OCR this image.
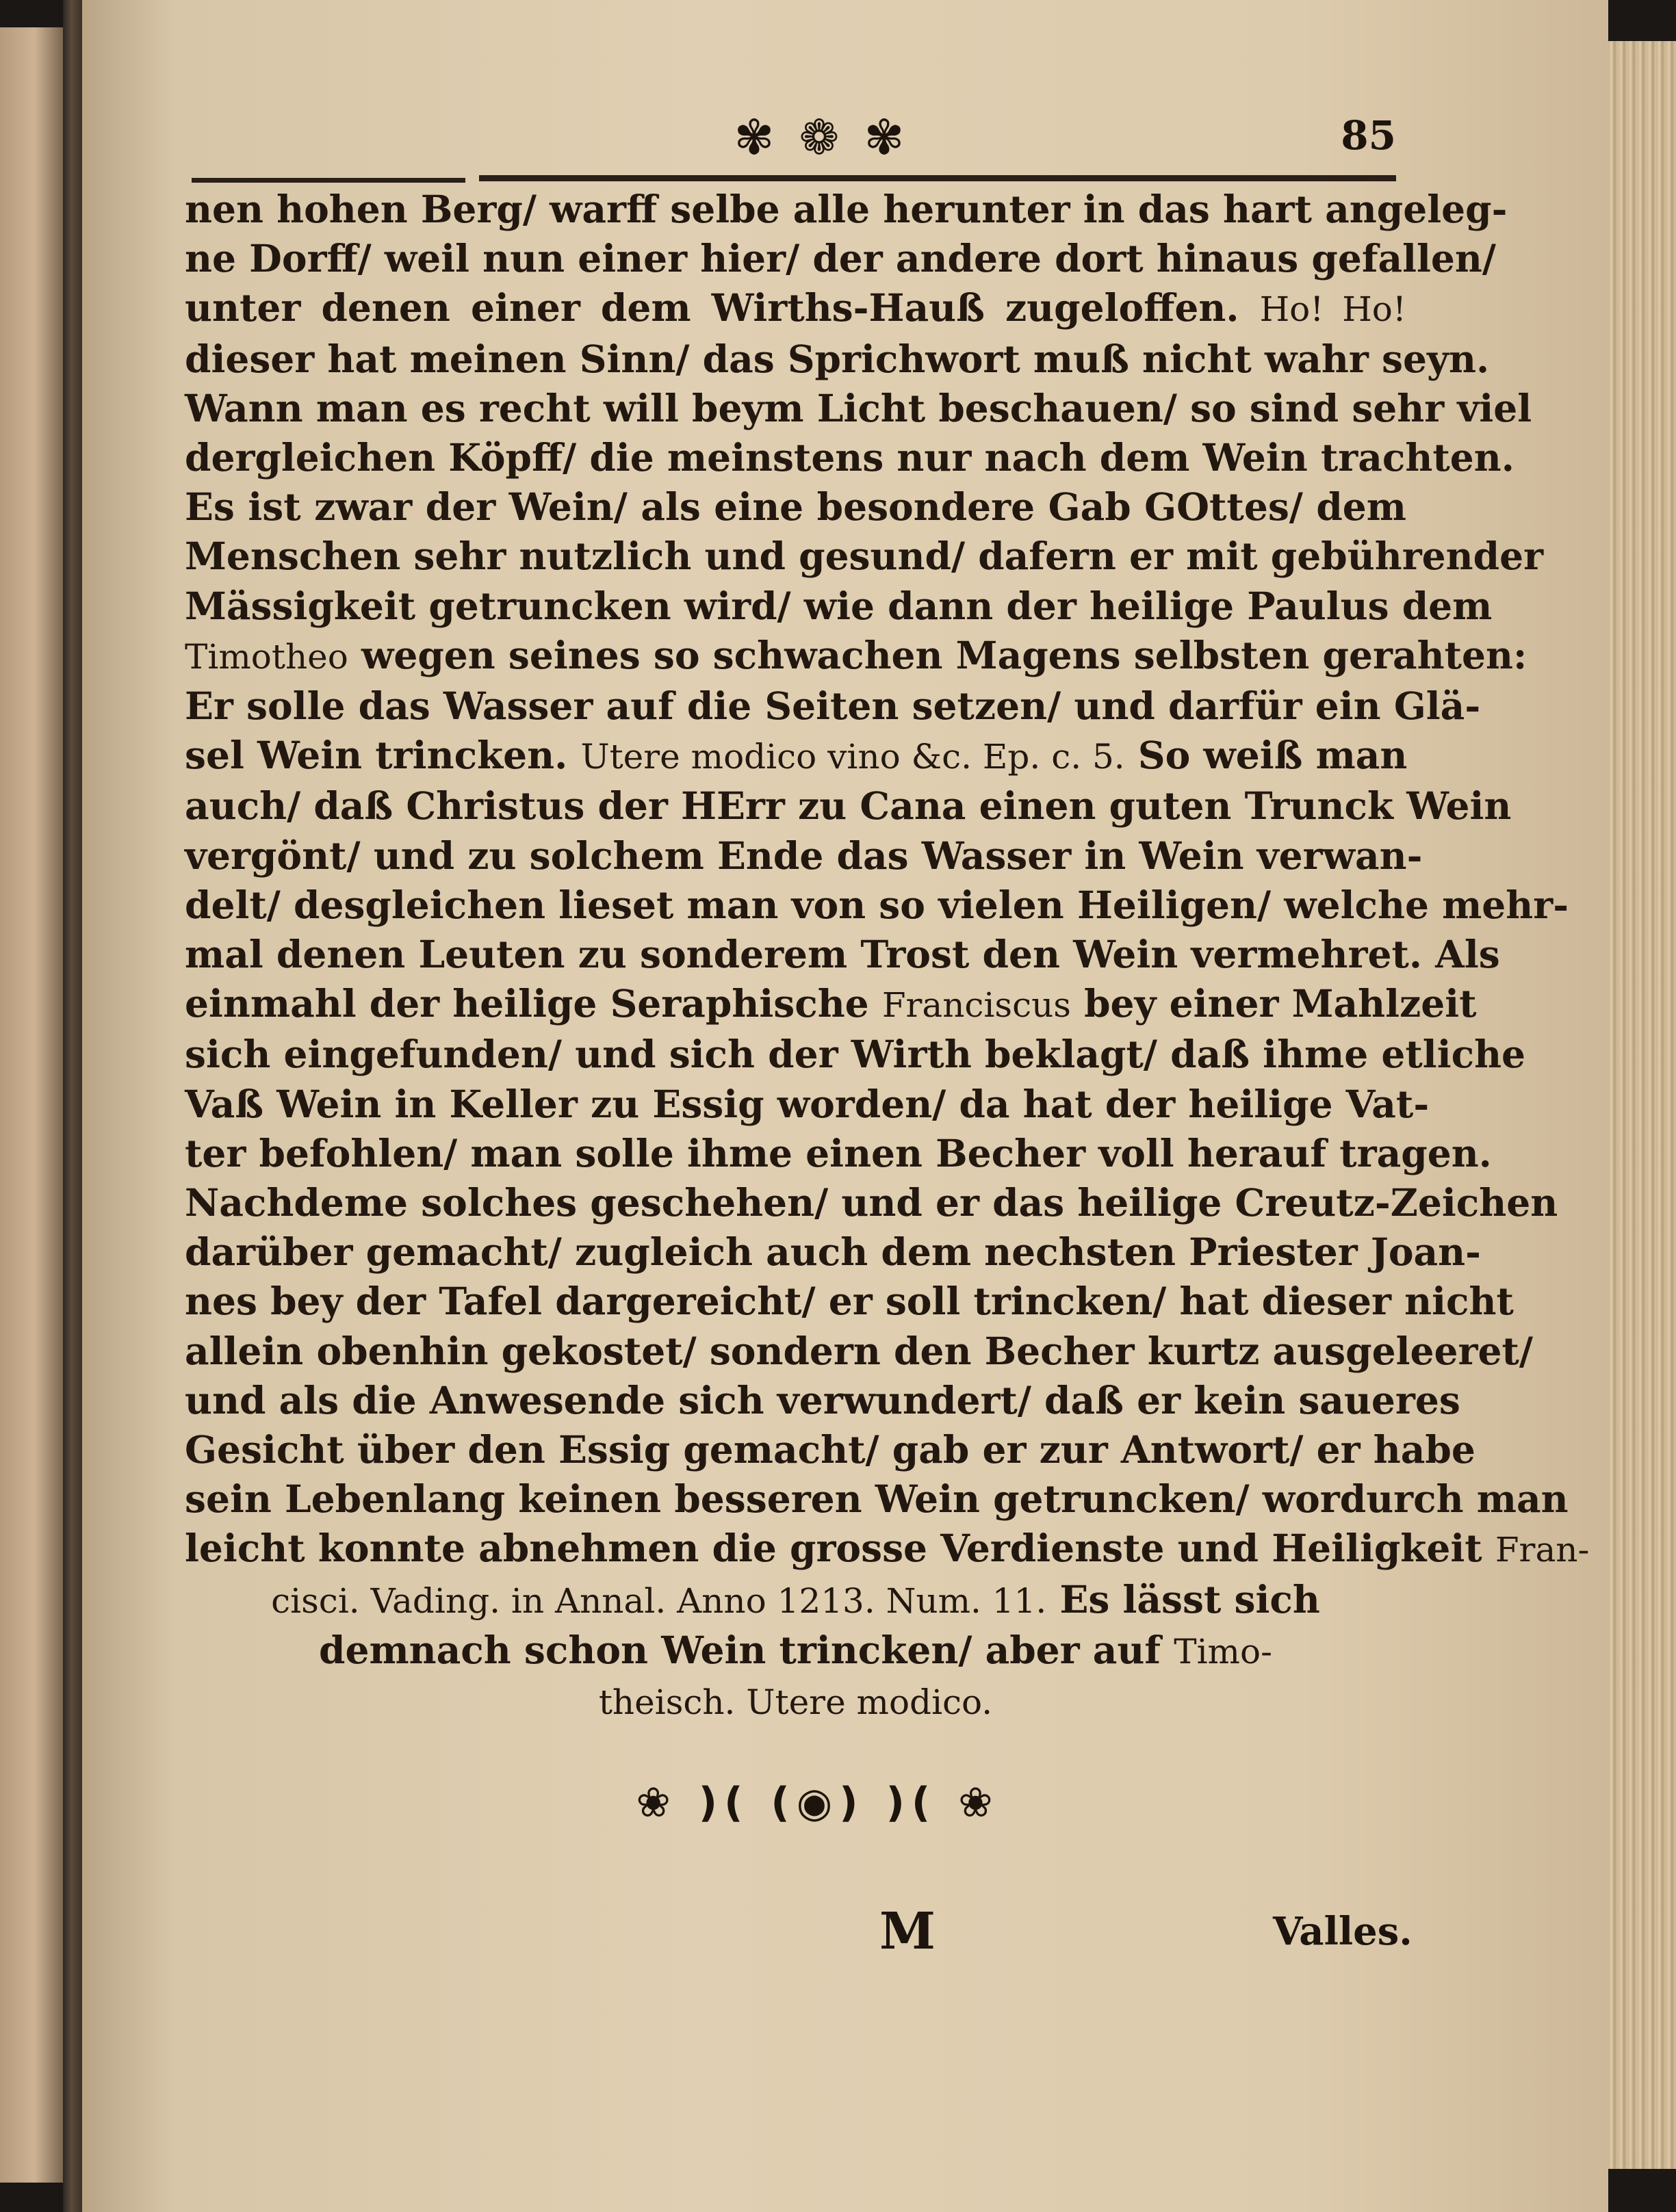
✾ ❁ ✾	85
nen hohen Berg/ warff selbe alle herunter in das hart angeleg-
ne Dorff/ weil nun einer hier/ der andere dort hinaus gefallen/
unter denen einer dem Wirths-Hauß zugeloffen. Ho! Ho!
dieser hat meinen Sinn/ das Sprichwort muß nicht wahr seyn.
Wann man es recht will beym Licht beschauen/ so sind sehr viel
dergleichen Köpff/ die meinstens nur nach dem Wein trachten.
Es ist zwar der Wein/ als eine besondere Gab GOttes/ dem
Menschen sehr nutzlich und gesund/ dafern er mit gebührender
Mässigkeit getruncken wird/ wie dann der heilige Paulus dem
Timotheo wegen seines so schwachen Magens selbsten gerahten:
Er solle das Wasser auf die Seiten setzen/ und darfür ein Glä-
sel Wein trincken. Utere modico vino &c. Ep. c. 5. So weiß man
auch/ daß Christus der HErr zu Cana einen guten Trunck Wein
vergönt/ und zu solchem Ende das Wasser in Wein verwan-
delt/ desgleichen lieset man von so vielen Heiligen/ welche mehr-
mal denen Leuten zu sonderem Trost den Wein vermehret. Als
einmahl der heilige Seraphische Franciscus bey einer Mahlzeit
sich eingefunden/ und sich der Wirth beklagt/ daß ihme etliche
Vaß Wein in Keller zu Essig worden/ da hat der heilige Vat-
ter befohlen/ man solle ihme einen Becher voll herauf tragen.
Nachdeme solches geschehen/ und er das heilige Creutz-Zeichen
darüber gemacht/ zugleich auch dem nechsten Priester Joan-
nes bey der Tafel dargereicht/ er soll trincken/ hat dieser nicht
allein obenhin gekostet/ sondern den Becher kurtz ausgeleeret/
und als die Anwesende sich verwundert/ daß er kein saueres
Gesicht über den Essig gemacht/ gab er zur Antwort/ er habe
sein Lebenlang keinen besseren Wein getruncken/ wordurch man
leicht konnte abnehmen die grosse Verdienste und Heiligkeit Fran-
cisci. Vading. in Annal. Anno 1213. Num. 11. Es lässt sich
demnach schon Wein trincken/ aber auf Timo-
theisch. Utere modico.
❀ )( (◉) )( ❀
M	Valles.
